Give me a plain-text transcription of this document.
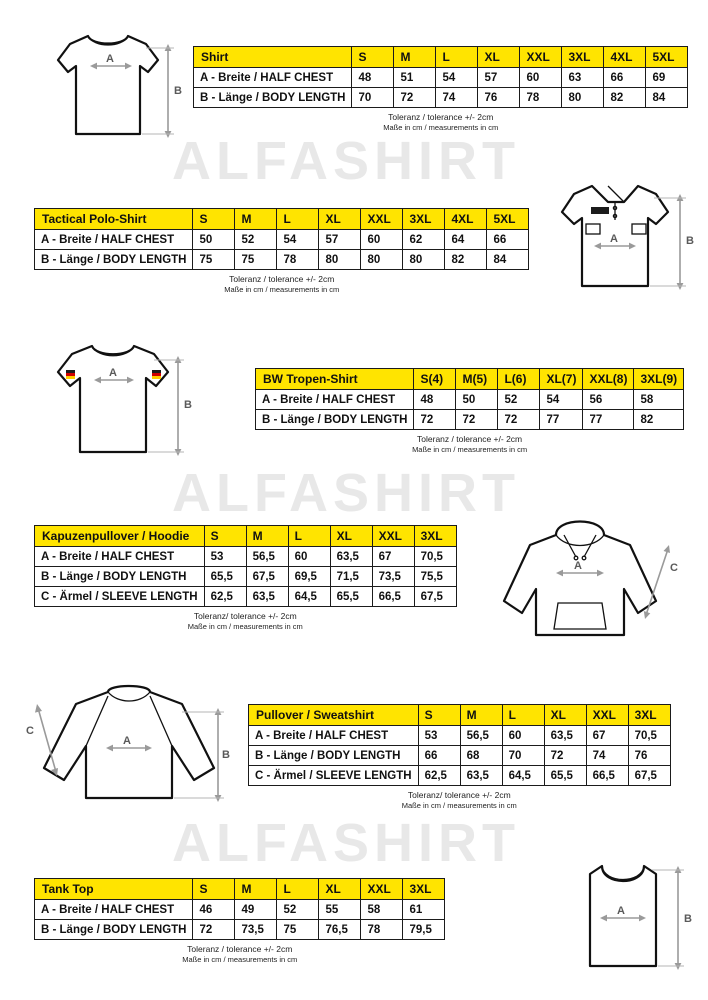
ALFASHIRT
ALFASHIRT
ALFASHIRT
A
B
Shirt	S	M	L	XL	XXL	3XL	4XL	5XL
A - Breite / HALF CHEST	48	51	54	57	60	63	66	69
B - Länge / BODY LENGTH	70	72	74	76	78	80	82	84
Toleranz / tolerance +/- 2cm
Maße in cm / measurements in cm
Tactical Polo-Shirt	S	M	L	XL	XXL	3XL	4XL	5XL
A - Breite / HALF CHEST	50	52	54	57	60	62	64	66
B - Länge / BODY LENGTH	75	75	78	80	80	80	82	84
Toleranz / tolerance +/- 2cm
Maße in cm / measurements in cm
A	B
A
B
BW Tropen-Shirt	S(4)	M(5)	L(6)	XL(7)	XXL(8)	3XL(9)
A - Breite / HALF CHEST	48	50	52	54	56	58
B - Länge / BODY LENGTH	72	72	72	77	77	82
Toleranz / tolerance +/- 2cm
Maße in cm / measurements in cm
Kapuzenpullover / Hoodie	S	M	L	XL	XXL	3XL
A - Breite / HALF CHEST	53	56,5	60	63,5	67	70,5
B - Länge / BODY LENGTH	65,5	67,5	69,5	71,5	73,5	75,5
C - Ärmel / SLEEVE LENGTH	62,5	63,5	64,5	65,5	66,5	67,5
Toleranz/ tolerance +/- 2cm
Maße in cm / measurements in cm
A	C
A
B
C
Pullover / Sweatshirt	S	M	L	XL	XXL	3XL
A - Breite / HALF CHEST	53	56,5	60	63,5	67	70,5
B - Länge / BODY LENGTH	66	68	70	72	74	76
C - Ärmel / SLEEVE LENGTH	62,5	63,5	64,5	65,5	66,5	67,5
Toleranz/ tolerance +/- 2cm
Maße in cm / measurements in cm
Tank Top	S	M	L	XL	XXL	3XL
A - Breite / HALF CHEST	46	49	52	55	58	61
B - Länge / BODY LENGTH	72	73,5	75	76,5	78	79,5
Toleranz / tolerance +/- 2cm
Maße in cm / measurements in cm
A
B
